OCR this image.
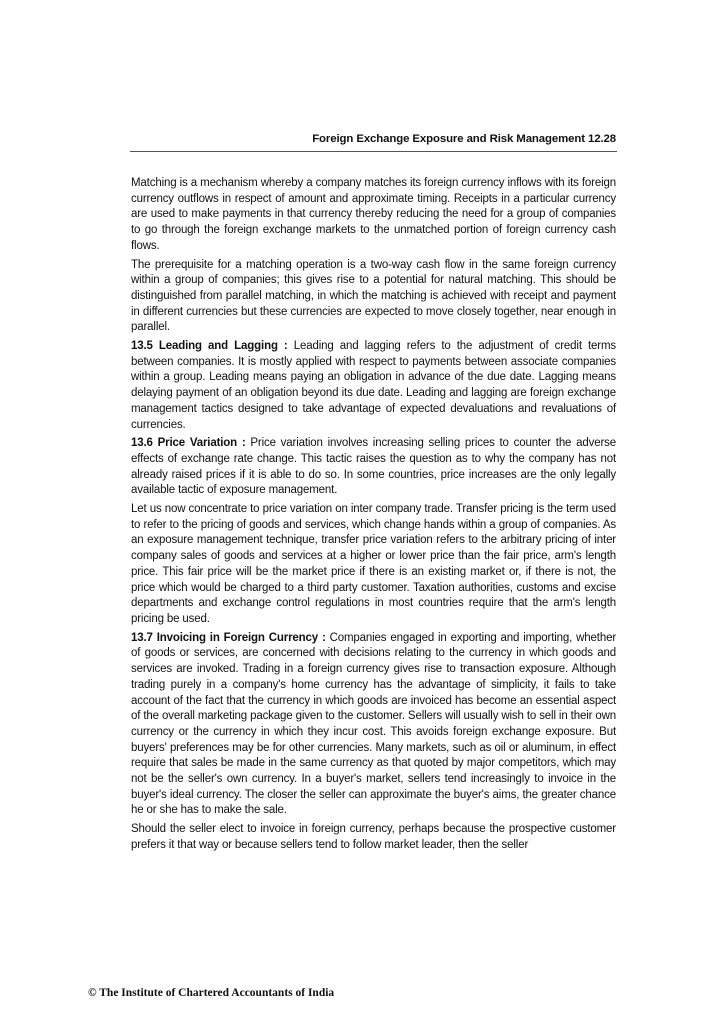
Foreign Exchange Exposure and Risk Management 12.28

Matching is a mechanism whereby a company matches its foreign currency inflows with its foreign currency outflows in respect of amount and approximate timing. Receipts in a particular currency are used to make payments in that currency thereby reducing the need for a group of companies to go through the foreign exchange markets to the unmatched portion of foreign currency cash flows.

The prerequisite for a matching operation is a two-way cash flow in the same foreign currency within a group of companies; this gives rise to a potential for natural matching. This should be distinguished from parallel matching, in which the matching is achieved with receipt and payment in different currencies but these currencies are expected to move closely together, near enough in parallel.

13.5 Leading and Lagging : Leading and lagging refers to the adjustment of credit terms between companies. It is mostly applied with respect to payments between associate companies within a group. Leading means paying an obligation in advance of the due date. Lagging means delaying payment of an obligation beyond its due date. Leading and lagging are foreign exchange management tactics designed to take advantage of expected devaluations and revaluations of currencies.

13.6 Price Variation : Price variation involves increasing selling prices to counter the adverse effects of exchange rate change. This tactic raises the question as to why the company has not already raised prices if it is able to do so. In some countries, price increases are the only legally available tactic of exposure management.

Let us now concentrate to price variation on inter company trade. Transfer pricing is the term used to refer to the pricing of goods and services, which change hands within a group of companies. As an exposure management technique, transfer price variation refers to the arbitrary pricing of inter company sales of goods and services at a higher or lower price than the fair price, arm's length price. This fair price will be the market price if there is an existing market or, if there is not, the price which would be charged to a third party customer. Taxation authorities, customs and excise departments and exchange control regulations in most countries require that the arm's length pricing be used.

13.7 Invoicing in Foreign Currency : Companies engaged in exporting and importing, whether of goods or services, are concerned with decisions relating to the currency in which goods and services are invoked. Trading in a foreign currency gives rise to transaction exposure. Although trading purely in a company's home currency has the advantage of simplicity, it fails to take account of the fact that the currency in which goods are invoiced has become an essential aspect of the overall marketing package given to the customer. Sellers will usually wish to sell in their own currency or the currency in which they incur cost. This avoids foreign exchange exposure. But buyers' preferences may be for other currencies. Many markets, such as oil or aluminum, in effect require that sales be made in the same currency as that quoted by major competitors, which may not be the seller's own currency. In a buyer's market, sellers tend increasingly to invoice in the buyer's ideal currency. The closer the seller can approximate the buyer's aims, the greater chance he or she has to make the sale.

Should the seller elect to invoice in foreign currency, perhaps because the prospective customer prefers it that way or because sellers tend to follow market leader, then the seller

© The Institute of Chartered Accountants of India
